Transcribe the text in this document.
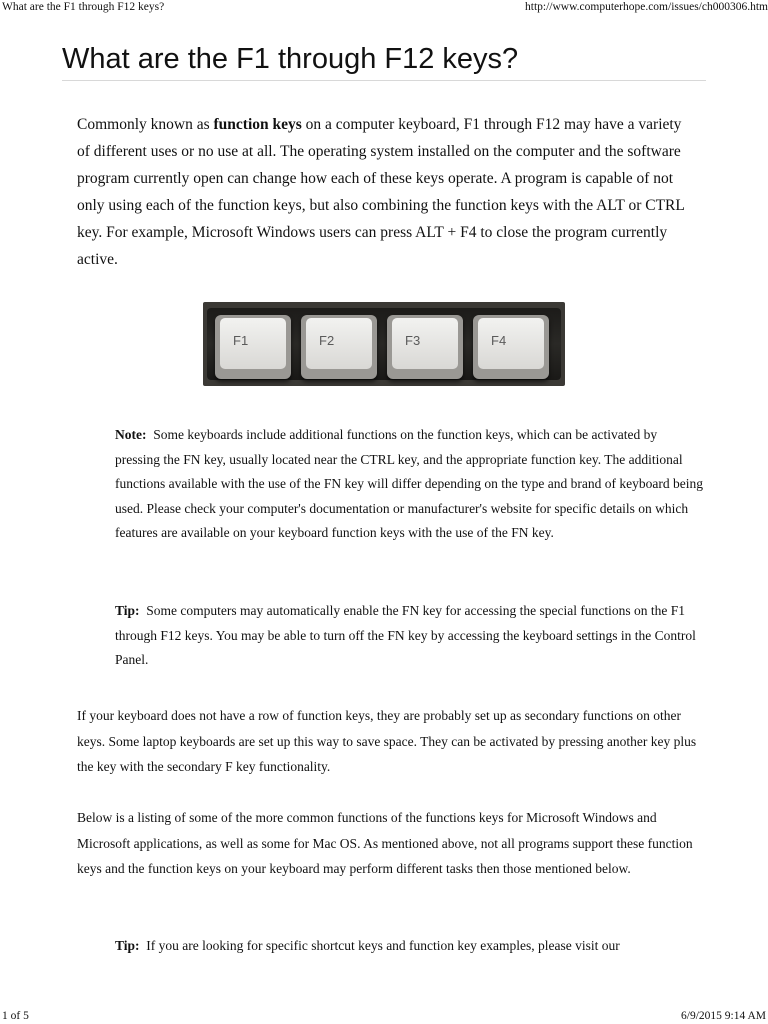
What are the F1 through F12 keys?	http://www.computerhope.com/issues/ch000306.htm
What are the F1 through F12 keys?

Commonly known as function keys on a computer keyboard, F1 through F12 may have a variety of different uses or no use at all. The operating system installed on the computer and the software program currently open can change how each of these keys operate. A program is capable of not only using each of the function keys, but also combining the function keys with the ALT or CTRL key. For example, Microsoft Windows users can press ALT + F4 to close the program currently active.

F1	F2	F3	F4

Note: Some keyboards include additional functions on the function keys, which can be activated by pressing the FN key, usually located near the CTRL key, and the appropriate function key. The additional functions available with the use of the FN key will differ depending on the type and brand of keyboard being used. Please check your computer's documentation or manufacturer's website for specific details on which features are available on your keyboard function keys with the use of the FN key.

Tip: Some computers may automatically enable the FN key for accessing the special functions on the F1 through F12 keys. You may be able to turn off the FN key by accessing the keyboard settings in the Control Panel.

If your keyboard does not have a row of function keys, they are probably set up as secondary functions on other keys. Some laptop keyboards are set up this way to save space. They can be activated by pressing another key plus the key with the secondary F key functionality.

Below is a listing of some of the more common functions of the functions keys for Microsoft Windows and Microsoft applications, as well as some for Mac OS. As mentioned above, not all programs support these function keys and the function keys on your keyboard may perform different tasks then those mentioned below.

Tip: If you are looking for specific shortcut keys and function key examples, please visit our

1 of 5	6/9/2015 9:14 AM
